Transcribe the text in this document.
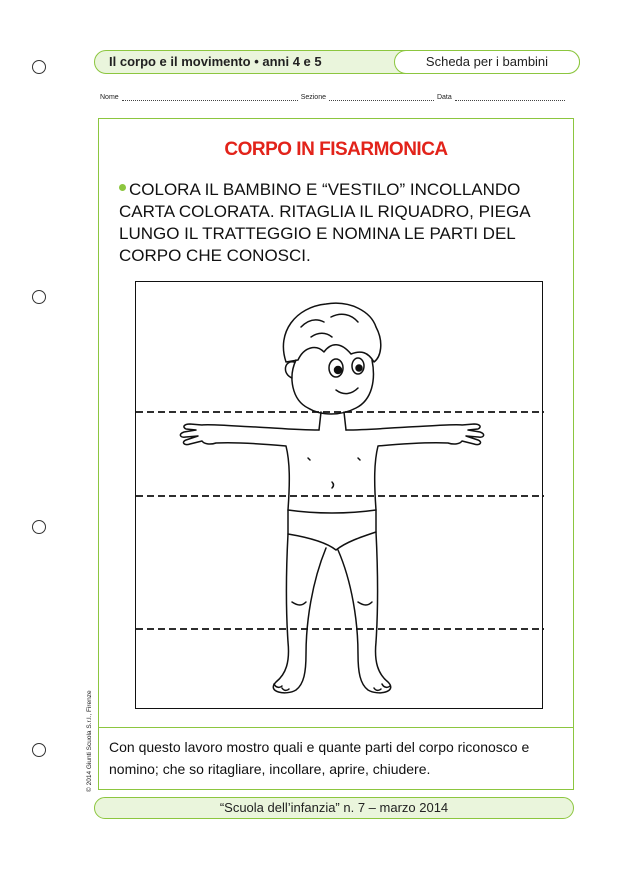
Il corpo e il movimento • anni 4 e 5	Scheda per i bambini
Nome	Sezione	Data
CORPO IN FISARMONICA
COLORA IL BAMBINO E “VESTILO” INCOLLANDO CARTA COLORATA. RITAGLIA IL RIQUADRO, PIEGA LUNGO IL TRATTEGGIO E NOMINA LE PARTI DEL CORPO CHE CONOSCI.
Con questo lavoro mostro quali e quante parti del corpo riconosco e nomino; che so ritagliare, incollare, aprire, chiudere.
© 2014 Giunti Scuola S.r.l., Firenze
“Scuola dell’infanzia” n. 7 – marzo 2014
